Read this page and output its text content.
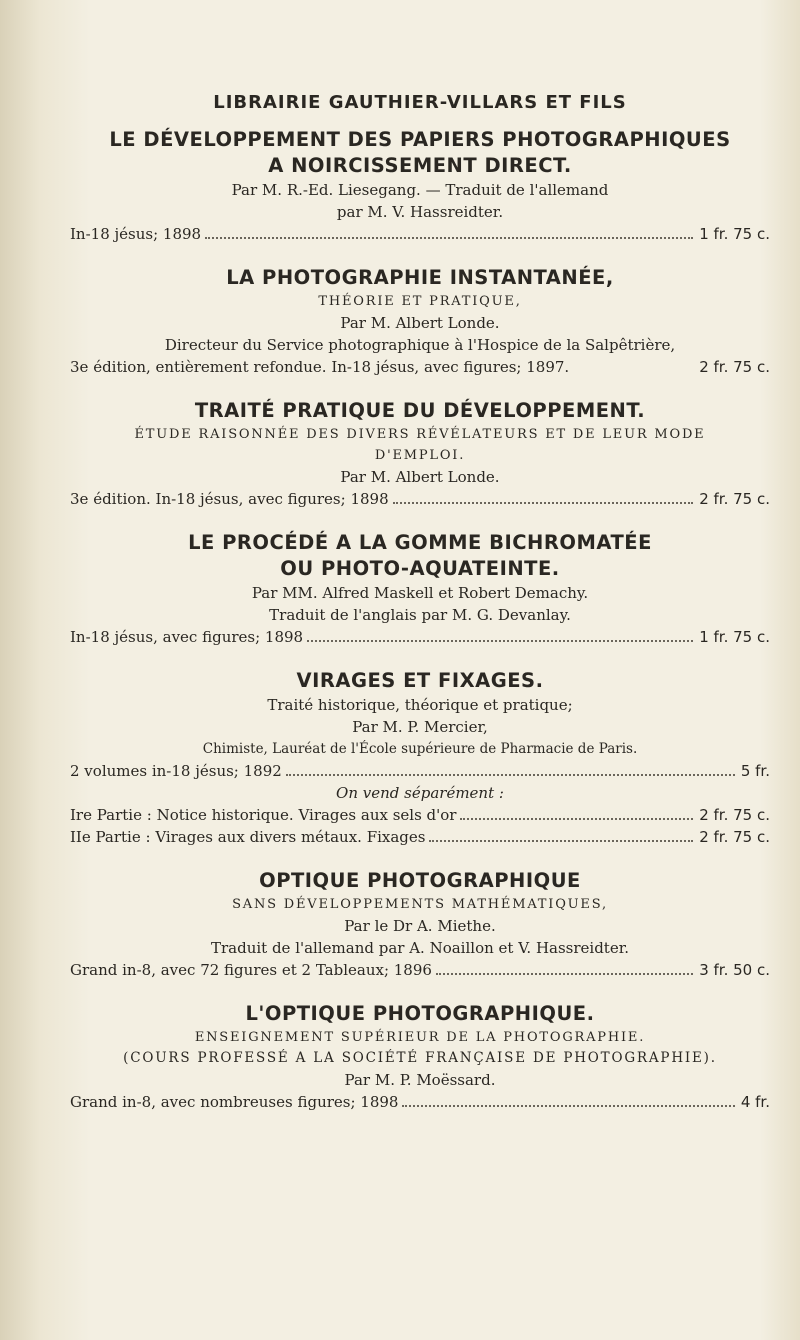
LIBRAIRIE GAUTHIER-VILLARS ET FILS
LE DÉVELOPPEMENT DES PAPIERS PHOTOGRAPHIQUES
A NOIRCISSEMENT DIRECT.
Par M. R.-Ed. Liesegang. — Traduit de l'allemand
par M. V. Hassreidter.
In-18 jésus; 1898	1 fr. 75 c.
LA PHOTOGRAPHIE INSTANTANÉE,
THÉORIE ET PRATIQUE,
Par M. Albert Londe.
Directeur du Service photographique à l'Hospice de la Salpêtrière,
3e édition, entièrement refondue. In-18 jésus, avec figures; 1897.	2 fr. 75 c.
TRAITÉ PRATIQUE DU DÉVELOPPEMENT.
ÉTUDE RAISONNÉE DES DIVERS RÉVÉLATEURS ET DE LEUR MODE
D'EMPLOI.
Par M. Albert Londe.
3e édition. In-18 jésus, avec figures; 1898	2 fr. 75 c.
LE PROCÉDÉ A LA GOMME BICHROMATÉE
OU PHOTO-AQUATEINTE.
Par MM. Alfred Maskell et Robert Demachy.
Traduit de l'anglais par M. G. Devanlay.
In-18 jésus, avec figures; 1898	1 fr. 75 c.
VIRAGES ET FIXAGES.
Traité historique, théorique et pratique;
Par M. P. Mercier,
Chimiste, Lauréat de l'École supérieure de Pharmacie de Paris.
2 volumes in-18 jésus; 1892	5 fr.
On vend séparément :
Ire Partie : Notice historique. Virages aux sels d'or	2 fr. 75 c.
IIe Partie : Virages aux divers métaux. Fixages	2 fr. 75 c.
OPTIQUE PHOTOGRAPHIQUE
SANS DÉVELOPPEMENTS MATHÉMATIQUES,
Par le Dr A. Miethe.
Traduit de l'allemand par A. Noaillon et V. Hassreidter.
Grand in-8, avec 72 figures et 2 Tableaux; 1896	3 fr. 50 c.
L'OPTIQUE PHOTOGRAPHIQUE.
ENSEIGNEMENT SUPÉRIEUR DE LA PHOTOGRAPHIE.
(COURS PROFESSÉ A LA SOCIÉTÉ FRANÇAISE DE PHOTOGRAPHIE).
Par M. P. Moëssard.
Grand in-8, avec nombreuses figures; 1898	4 fr.
